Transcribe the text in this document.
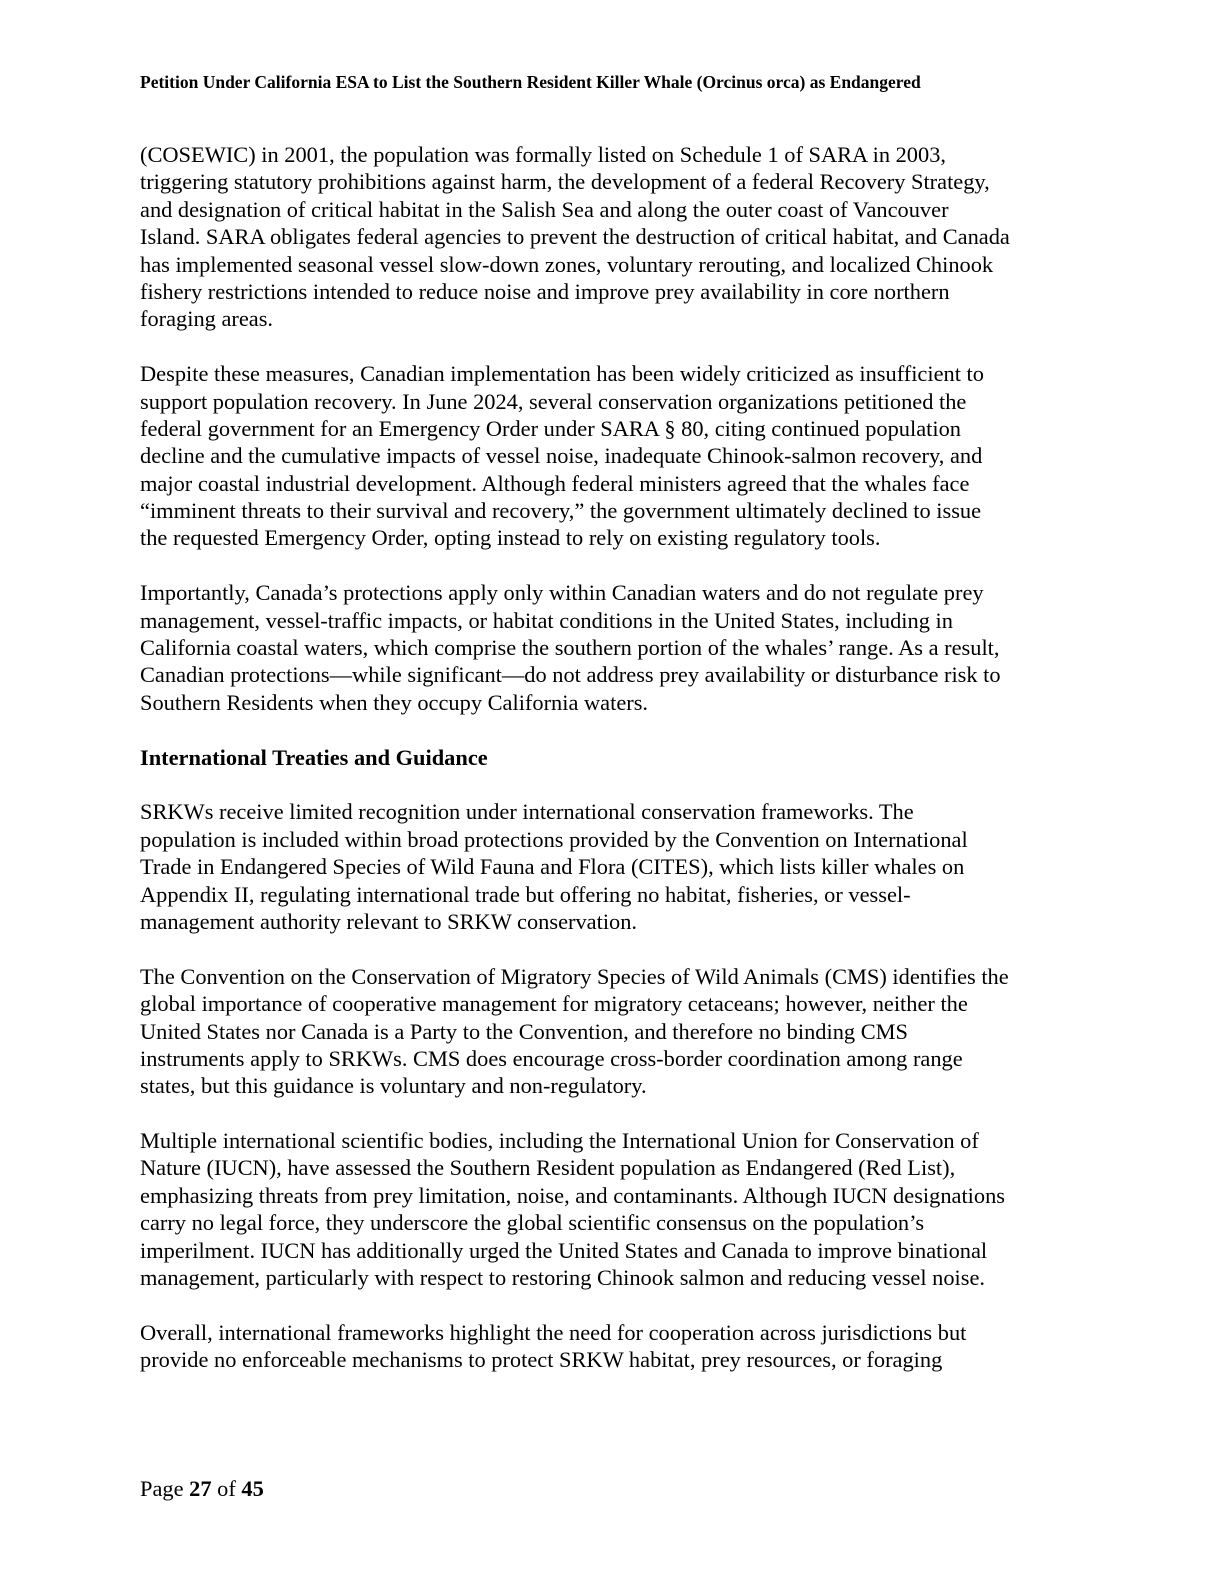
Petition Under California ESA to List the Southern Resident Killer Whale (Orcinus orca) as Endangered
(COSEWIC) in 2001, the population was formally listed on Schedule 1 of SARA in 2003,
triggering statutory prohibitions against harm, the development of a federal Recovery Strategy,
and designation of critical habitat in the Salish Sea and along the outer coast of Vancouver
Island. SARA obligates federal agencies to prevent the destruction of critical habitat, and Canada
has implemented seasonal vessel slow-down zones, voluntary rerouting, and localized Chinook
fishery restrictions intended to reduce noise and improve prey availability in core northern
foraging areas.
Despite these measures, Canadian implementation has been widely criticized as insufficient to
support population recovery. In June 2024, several conservation organizations petitioned the
federal government for an Emergency Order under SARA § 80, citing continued population
decline and the cumulative impacts of vessel noise, inadequate Chinook-salmon recovery, and
major coastal industrial development. Although federal ministers agreed that the whales face
“imminent threats to their survival and recovery,” the government ultimately declined to issue
the requested Emergency Order, opting instead to rely on existing regulatory tools.
Importantly, Canada’s protections apply only within Canadian waters and do not regulate prey
management, vessel-traffic impacts, or habitat conditions in the United States, including in
California coastal waters, which comprise the southern portion of the whales’ range. As a result,
Canadian protections—while significant—do not address prey availability or disturbance risk to
Southern Residents when they occupy California waters.
International Treaties and Guidance
SRKWs receive limited recognition under international conservation frameworks. The
population is included within broad protections provided by the Convention on International
Trade in Endangered Species of Wild Fauna and Flora (CITES), which lists killer whales on
Appendix II, regulating international trade but offering no habitat, fisheries, or vessel-
management authority relevant to SRKW conservation.
The Convention on the Conservation of Migratory Species of Wild Animals (CMS) identifies the
global importance of cooperative management for migratory cetaceans; however, neither the
United States nor Canada is a Party to the Convention, and therefore no binding CMS
instruments apply to SRKWs. CMS does encourage cross-border coordination among range
states, but this guidance is voluntary and non-regulatory.
Multiple international scientific bodies, including the International Union for Conservation of
Nature (IUCN), have assessed the Southern Resident population as Endangered (Red List),
emphasizing threats from prey limitation, noise, and contaminants. Although IUCN designations
carry no legal force, they underscore the global scientific consensus on the population’s
imperilment. IUCN has additionally urged the United States and Canada to improve binational
management, particularly with respect to restoring Chinook salmon and reducing vessel noise.
Overall, international frameworks highlight the need for cooperation across jurisdictions but
provide no enforceable mechanisms to protect SRKW habitat, prey resources, or foraging
Page 27 of 45
